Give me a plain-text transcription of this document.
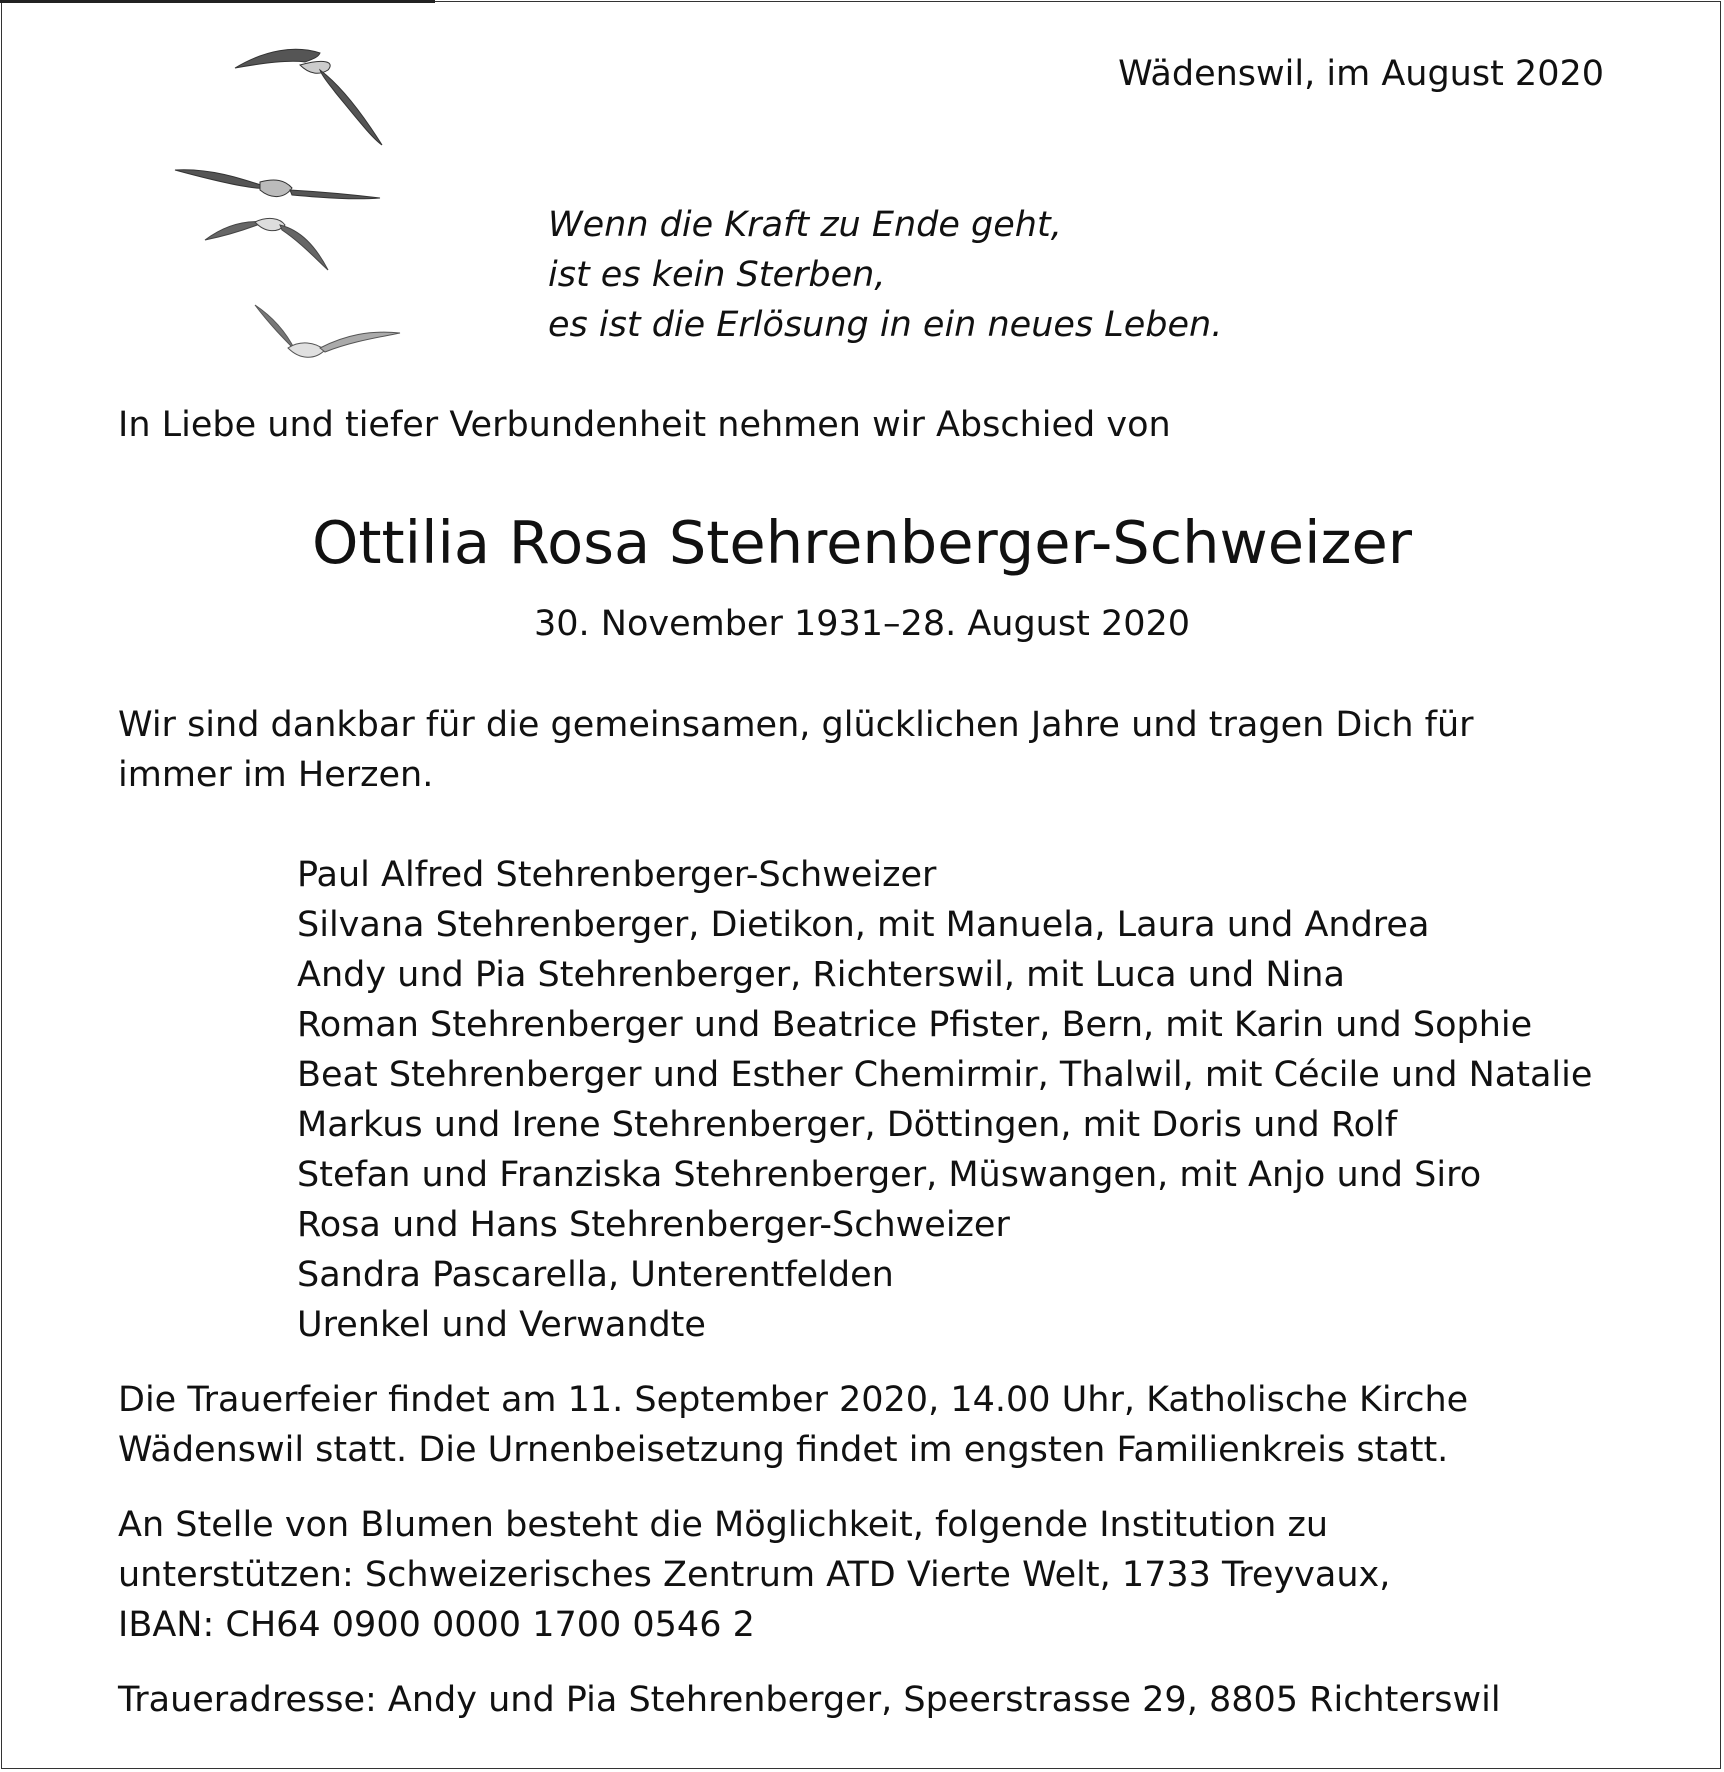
Wädenswil, im August 2020
Wenn die Kraft zu Ende geht,
ist es kein Sterben,
es ist die Erlösung in ein neues Leben.
In Liebe und tiefer Verbundenheit nehmen wir Abschied von
Ottilia Rosa Stehrenberger-Schweizer
30. November 1931–28. August 2020
Wir sind dankbar für die gemeinsamen, glücklichen Jahre und tragen Dich für
immer im Herzen.
Paul Alfred Stehrenberger-Schweizer
Silvana Stehrenberger, Dietikon, mit Manuela, Laura und Andrea
Andy und Pia Stehrenberger, Richterswil, mit Luca und Nina
Roman Stehrenberger und Beatrice Pfister, Bern, mit Karin und Sophie
Beat Stehrenberger und Esther Chemirmir, Thalwil, mit Cécile und Natalie
Markus und Irene Stehrenberger, Döttingen, mit Doris und Rolf
Stefan und Franziska Stehrenberger, Müswangen, mit Anjo und Siro
Rosa und Hans Stehrenberger-Schweizer
Sandra Pascarella, Unterentfelden
Urenkel und Verwandte
Die Trauerfeier findet am 11. September 2020, 14.00 Uhr, Katholische Kirche
Wädenswil statt. Die Urnenbeisetzung findet im engsten Familienkreis statt.
An Stelle von Blumen besteht die Möglichkeit, folgende Institution zu
unterstützen: Schweizerisches Zentrum ATD Vierte Welt, 1733 Treyvaux,
IBAN: CH64 0900 0000 1700 0546 2
Traueradresse: Andy und Pia Stehrenberger, Speerstrasse 29, 8805 Richterswil
